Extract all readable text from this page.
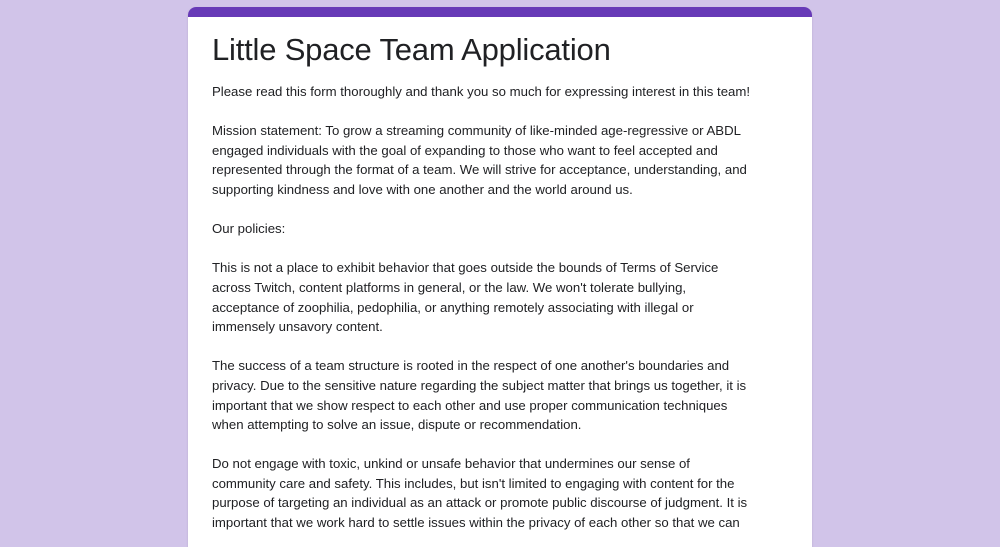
Little Space Team Application

Please read this form thoroughly and thank you so much for expressing interest in this team!

Mission statement: To grow a streaming community of like-minded age-regressive or ABDL
engaged individuals with the goal of expanding to those who want to feel accepted and
represented through the format of a team. We will strive for acceptance, understanding, and
supporting kindness and love with one another and the world around us.

Our policies:

This is not a place to exhibit behavior that goes outside the bounds of Terms of Service
across Twitch, content platforms in general, or the law. We won't tolerate bullying,
acceptance of zoophilia, pedophilia, or anything remotely associating with illegal or
immensely unsavory content.

The success of a team structure is rooted in the respect of one another's boundaries and
privacy. Due to the sensitive nature regarding the subject matter that brings us together, it is
important that we show respect to each other and use proper communication techniques
when attempting to solve an issue, dispute or recommendation.

Do not engage with toxic, unkind or unsafe behavior that undermines our sense of
community care and safety. This includes, but isn't limited to engaging with content for the
purpose of targeting an individual as an attack or promote public discourse of judgment. It is
important that we work hard to settle issues within the privacy of each other so that we can
